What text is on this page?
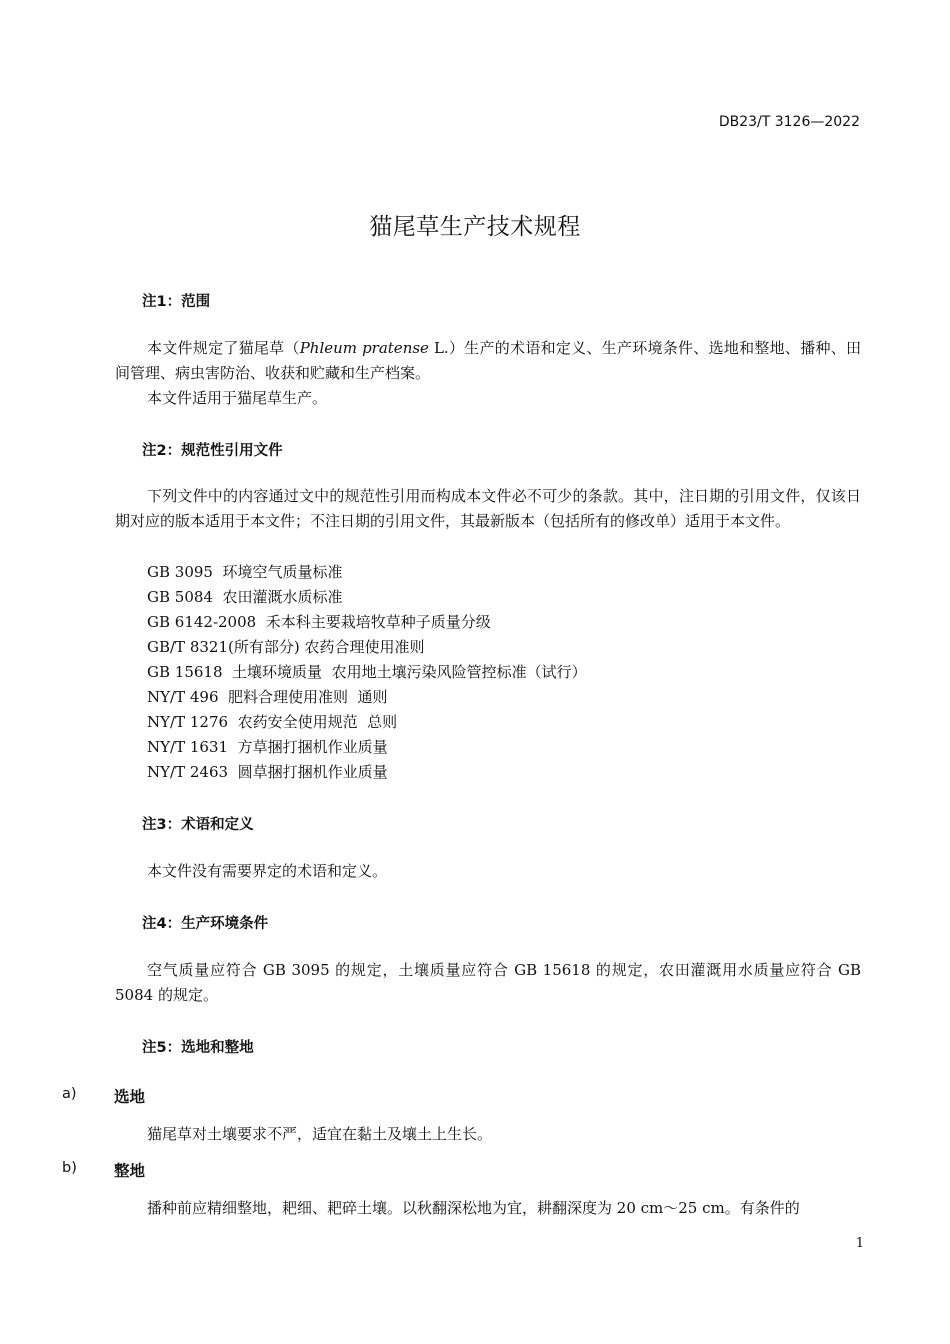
DB23/T 3126—2022
猫尾草生产技术规程
注1：范围

本文件规定了猫尾草（Phleum pratense L.）生产的术语和定义、生产环境条件、选地和整地、播种、田间管理、病虫害防治、收获和贮藏和生产档案。

本文件适用于猫尾草生产。
注2：规范性引用文件

下列文件中的内容通过文中的规范性引用而构成本文件必不可少的条款。其中，注日期的引用文件，仅该日期对应的版本适用于本文件；不注日期的引用文件，其最新版本（包括所有的修改单）适用于本文件。

GB 3095  环境空气质量标准
GB 5084  农田灌溉水质标准
GB 6142-2008  禾本科主要栽培牧草种子质量分级
GB/T 8321(所有部分) 农药合理使用准则
GB 15618  土壤环境质量  农用地土壤污染风险管控标准（试行）
NY/T 496  肥料合理使用准则  通则
NY/T 1276  农药安全使用规范  总则
NY/T 1631  方草捆打捆机作业质量
NY/T 2463  圆草捆打捆机作业质量
注3：术语和定义
本文件没有需要界定的术语和定义。
注4：生产环境条件

空气质量应符合 GB 3095 的规定，土壤质量应符合 GB 15618 的规定，农田灌溉用水质量应符合 GB 5084 的规定。

注5：选地和整地
a) 选地
猫尾草对土壤要求不严，适宜在黏土及壤土上生长。
b) 整地
播种前应精细整地，耙细、耙碎土壤。以秋翻深松地为宜，耕翻深度为 20 cm～25 cm。有条件的
1
